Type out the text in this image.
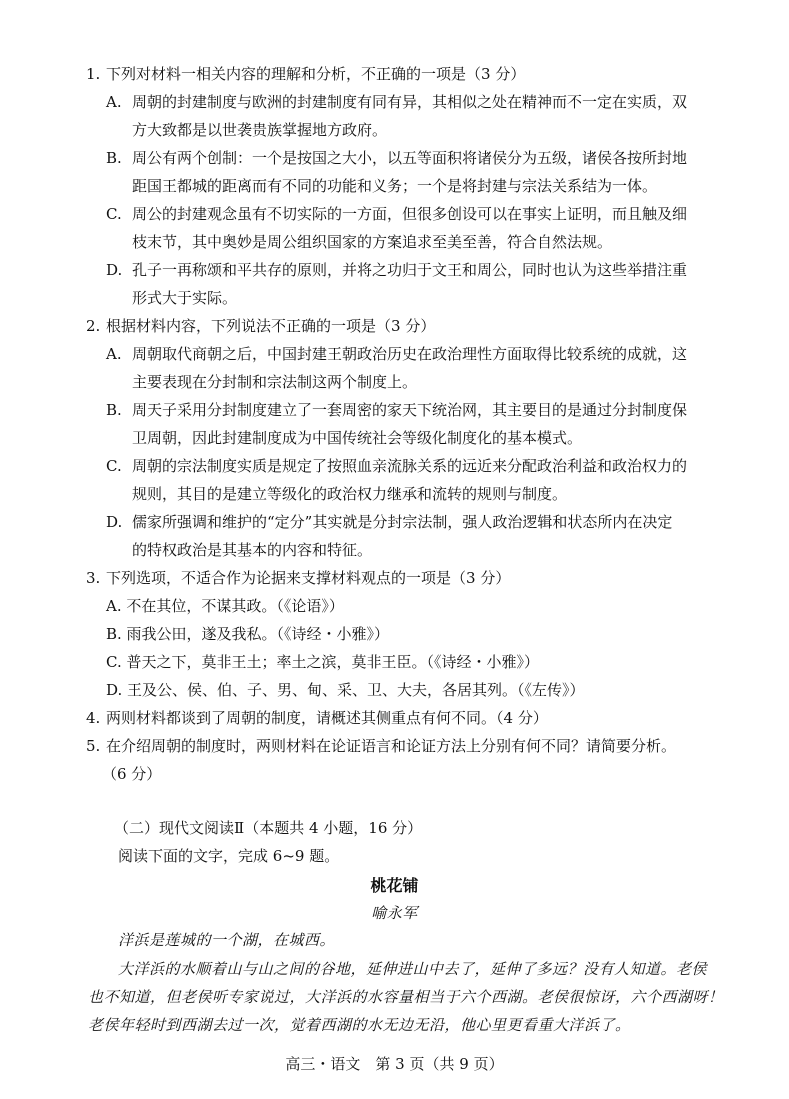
1. 下列对材料一相关内容的理解和分析，不正确的一项是（3 分）
A. 周朝的封建制度与欧洲的封建制度有同有异，其相似之处在精神而不一定在实质，双
方大致都是以世袭贵族掌握地方政府。
B. 周公有两个创制：一个是按国之大小，以五等面积将诸侯分为五级，诸侯各按所封地
距国王都城的距离而有不同的功能和义务；一个是将封建与宗法关系结为一体。
C. 周公的封建观念虽有不切实际的一方面，但很多创设可以在事实上证明，而且触及细
枝末节，其中奥妙是周公组织国家的方案追求至美至善，符合自然法规。
D. 孔子一再称颂和平共存的原则，并将之功归于文王和周公，同时也认为这些举措注重
形式大于实际。
2. 根据材料内容，下列说法不正确的一项是（3 分）
A. 周朝取代商朝之后，中国封建王朝政治历史在政治理性方面取得比较系统的成就，这
主要表现在分封制和宗法制这两个制度上。
B. 周天子采用分封制度建立了一套周密的家天下统治网，其主要目的是通过分封制度保
卫周朝，因此封建制度成为中国传统社会等级化制度化的基本模式。
C. 周朝的宗法制度实质是规定了按照血亲流脉关系的远近来分配政治利益和政治权力的
规则，其目的是建立等级化的政治权力继承和流转的规则与制度。
D. 儒家所强调和维护的“定分”其实就是分封宗法制，强人政治逻辑和状态所内在决定
的特权政治是其基本的内容和特征。
3. 下列选项，不适合作为论据来支撑材料观点的一项是（3 分）
A. 不在其位，不谋其政。（《论语》）
B. 雨我公田，遂及我私。（《诗经・小雅》）
C. 普天之下，莫非王土；率土之滨，莫非王臣。（《诗经・小雅》）
D. 王及公、侯、伯、子、男、甸、采、卫、大夫，各居其列。（《左传》）
4. 两则材料都谈到了周朝的制度，请概述其侧重点有何不同。（4 分）
5. 在介绍周朝的制度时，两则材料在论证语言和论证方法上分别有何不同？请简要分析。
（6 分）
（二）现代文阅读Ⅱ（本题共 4 小题，16 分）
阅读下面的文字，完成 6~9 题。
桃花铺
喻永军
洋浜是莲城的一个湖，在城西。
大洋浜的水顺着山与山之间的谷地，延伸进山中去了，延伸了多远？没有人知道。老侯
也不知道，但老侯听专家说过，大洋浜的水容量相当于六个西湖。老侯很惊讶，六个西湖呀！
老侯年轻时到西湖去过一次，觉着西湖的水无边无沿，他心里更看重大洋浜了。
高三・语文　第 3 页（共 9 页）
